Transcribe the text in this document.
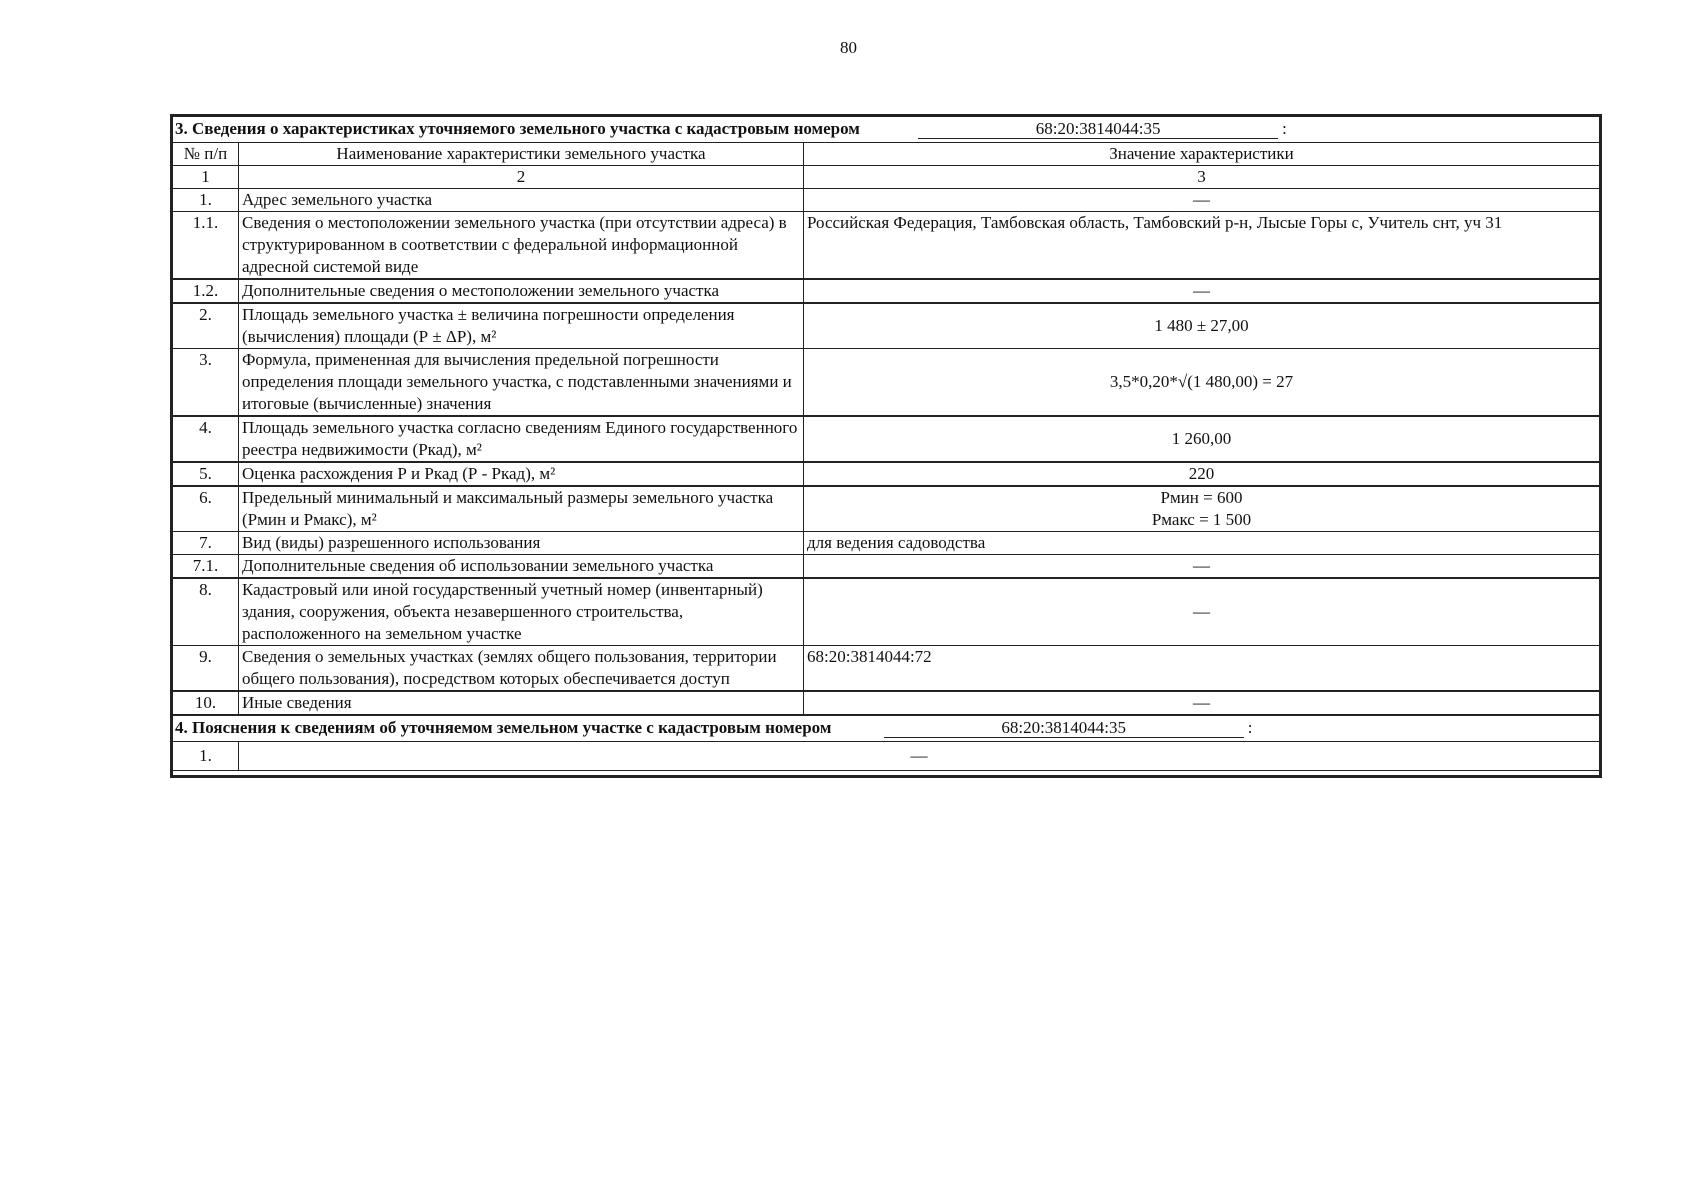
80
3. Сведения о характеристиках уточняемого земельного участка с кадастровым номером 68:20:3814044:35 :		
№ п/п	Наименование характеристики земельного участка	Значение характеристики
1	2	3
1.	Адрес земельного участка	—
1.1.	Сведения о местоположении земельного участка (при отсутствии адреса) в структурированном в соответствии с федеральной информационной адресной системой виде	Российская Федерация, Тамбовская область, Тамбовский р-н, Лысые Горы с, Учитель снт, уч 31
1.2.	Дополнительные сведения о местоположении земельного участка	—
2.	Площадь земельного участка ± величина погрешности определения (вычисления) площади (Р ± ΔР), м²	1 480 ± 27,00
3.	Формула, примененная для вычисления предельной погрешности определения площади земельного участка, с подставленными значениями и итоговые (вычисленные) значения	3,5*0,20*√(1 480,00) = 27
4.	Площадь земельного участка согласно сведениям Единого государственного реестра недвижимости (Ркад), м²	1 260,00
5.	Оценка расхождения Р и Ркад (Р - Ркад), м²	220
6.	Предельный минимальный и максимальный размеры земельного участка (Рмин и Рмакс), м²	Рмин = 600
Рмакс = 1 500

7.	Вид (виды) разрешенного использования	для ведения садоводства
7.1.	Дополнительные сведения об использовании земельного участка	—
8.	Кадастровый или иной государственный учетный номер (инвентарный) здания, сооружения, объекта незавершенного строительства, расположенного на земельном участке	—
9.	Сведения о земельных участках (землях общего пользования, территории общего пользования), посредством которых обеспечивается доступ	68:20:3814044:72
10.	Иные сведения	—
4. Пояснения к сведениям об уточняемом земельном участке с кадастровым номером 68:20:3814044:35 :		
1.	—	
